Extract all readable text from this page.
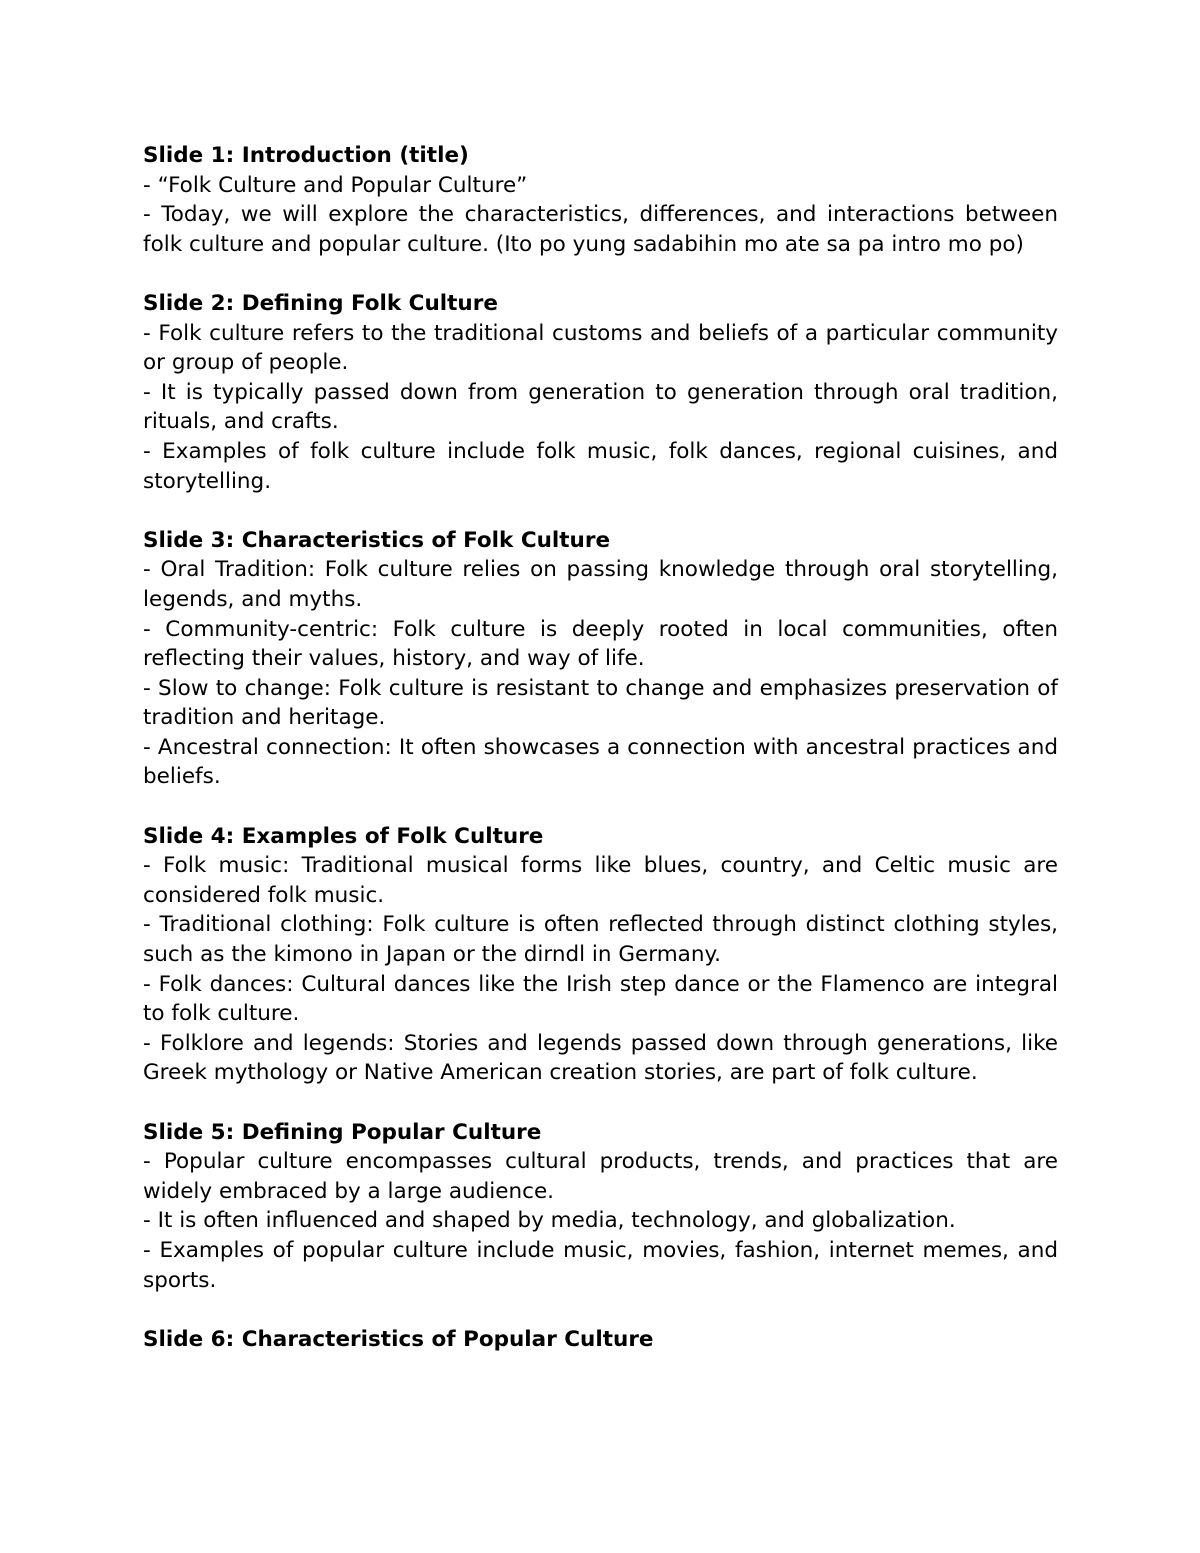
Slide 1: Introduction (title)

- “Folk Culture and Popular Culture”

- Today, we will explore the characteristics, differences, and interactions between folk culture and popular culture. (Ito po yung sadabihin mo ate sa pa intro mo po)

Slide 2: Defining Folk Culture

- Folk culture refers to the traditional customs and beliefs of a particular community or group of people.

- It is typically passed down from generation to generation through oral tradition, rituals, and crafts.

- Examples of folk culture include folk music, folk dances, regional cuisines, and storytelling.

Slide 3: Characteristics of Folk Culture

- Oral Tradition: Folk culture relies on passing knowledge through oral storytelling, legends, and myths.

- Community-centric: Folk culture is deeply rooted in local communities, often reflecting their values, history, and way of life.

- Slow to change: Folk culture is resistant to change and emphasizes preservation of tradition and heritage.

- Ancestral connection: It often showcases a connection with ancestral practices and beliefs.

Slide 4: Examples of Folk Culture

- Folk music: Traditional musical forms like blues, country, and Celtic music are considered folk music.

- Traditional clothing: Folk culture is often reflected through distinct clothing styles, such as the kimono in Japan or the dirndl in Germany.

- Folk dances: Cultural dances like the Irish step dance or the Flamenco are integral to folk culture.

- Folklore and legends: Stories and legends passed down through generations, like Greek mythology or Native American creation stories, are part of folk culture.

Slide 5: Defining Popular Culture

- Popular culture encompasses cultural products, trends, and practices that are widely embraced by a large audience.

- It is often influenced and shaped by media, technology, and globalization.

- Examples of popular culture include music, movies, fashion, internet memes, and sports.

Slide 6: Characteristics of Popular Culture
